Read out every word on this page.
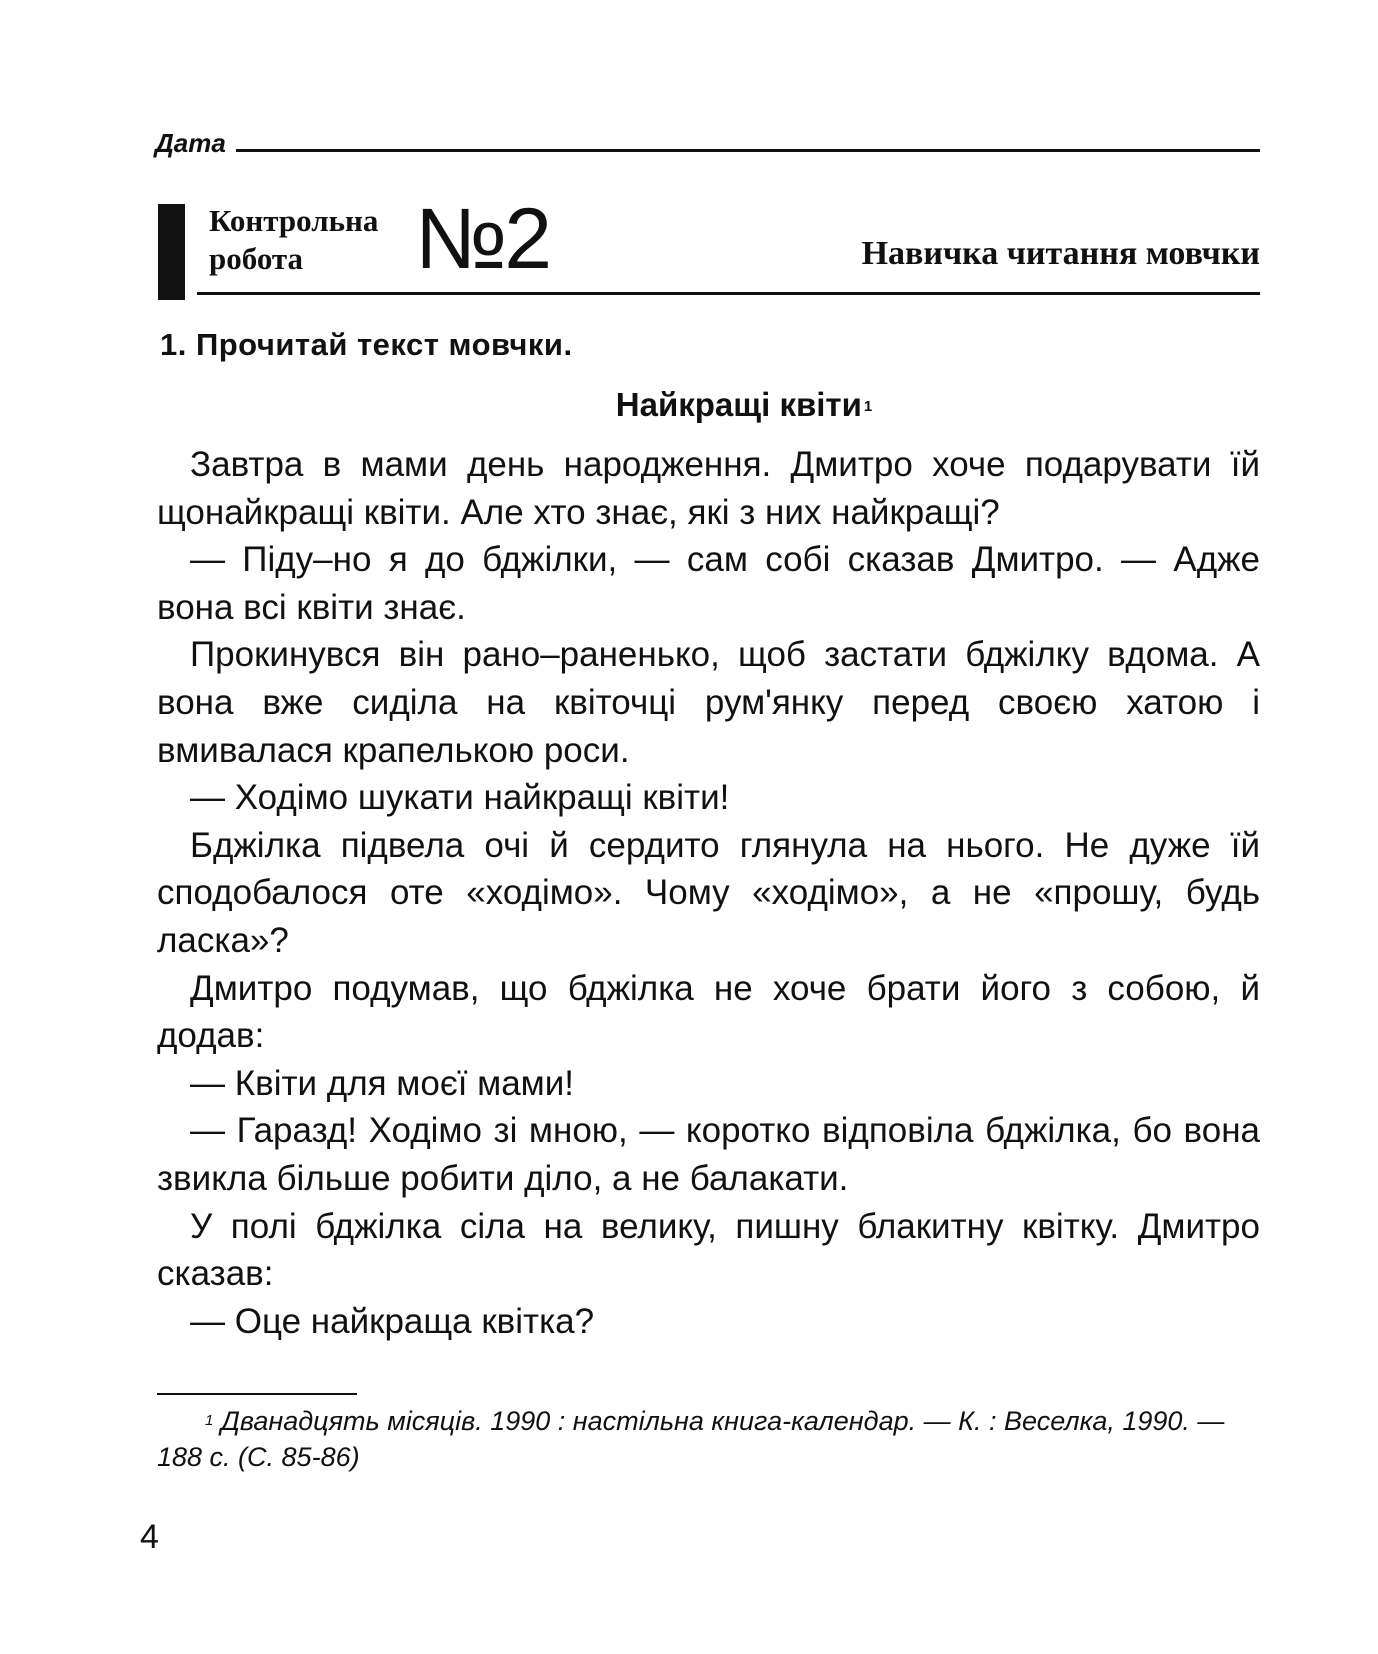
Дата
Контрольна
робота	№2	Навичка читання мовчки
1. Прочитай текст мовчки.
Найкращі квіти $^1$

Завтра в мами день народження. Дмитро хоче подарувати їй щонайкращі квіти. Але хто знає, які з них найкращі?

— Піду–но я до бджілки, — сам собі сказав Дмитро. — Адже вона всі квіти знає.

Прокинувся він рано–раненько, щоб застати бджілку вдома. А вона вже сиділа на квіточці рум'янку перед своєю хатою і вмивалася крапелькою роси.

— Ходімо шукати найкращі квіти!

Бджілка підвела очі й сердито глянула на нього. Не дуже їй сподобалося оте «ходімо». Чому «ходімо», а не «прошу, будь ласка»?

Дмитро подумав, що бджілка не хоче брати його з собою, й додав:

— Квіти для моєї мами!

— Гаразд! Ходімо зі мною, — коротко відповіла бджілка, бо вона звикла більше робити діло, а не балакати.

У полі бджілка сіла на велику, пишну блакитну квітку. Дмитро сказав:

— Оце найкраща квітка?

$^1$ Дванадцять місяців. 1990 : настільна книга-календар. — К. : Веселка, 1990. — 188 с. (С. 85-86)
4
